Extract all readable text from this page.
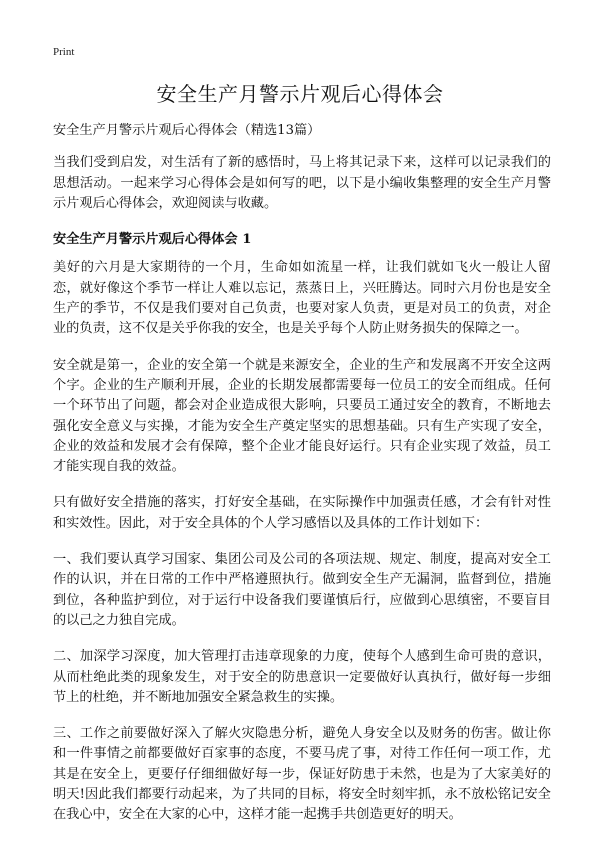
Print
安全生产月警示片观后心得体会

安全生产月警示片观后心得体会（精选13篇）

当我们受到启发，对生活有了新的感悟时，马上将其记录下来，这样可以记录我们的思想活动。一起来学习心得体会是如何写的吧，以下是小编收集整理的安全生产月警示片观后心得体会，欢迎阅读与收藏。

安全生产月警示片观后心得体会 1

美好的六月是大家期待的一个月，生命如如流星一样，让我们就如飞火一般让人留恋，就好像这个季节一样让人难以忘记，蒸蒸日上，兴旺腾达。同时六月份也是安全生产的季节，不仅是我们要对自己负责，也要对家人负责，更是对员工的负责，对企业的负责，这不仅是关乎你我的安全，也是关乎每个人防止财务损失的保障之一。

安全就是第一，企业的安全第一个就是来源安全，企业的生产和发展离不开安全这两个字。企业的生产顺利开展，企业的长期发展都需要每一位员工的安全而组成。任何一个环节出了问题，都会对企业造成很大影响，只要员工通过安全的教育，不断地去强化安全意义与实操，才能为安全生产奠定坚实的思想基础。只有生产实现了安全，企业的效益和发展才会有保障，整个企业才能良好运行。只有企业实现了效益，员工才能实现自我的效益。

只有做好安全措施的落实，打好安全基础，在实际操作中加强责任感，才会有针对性和实效性。因此，对于安全具体的个人学习感悟以及具体的工作计划如下：

一、我们要认真学习国家、集团公司及公司的各项法规、规定、制度，提高对安全工作的认识，并在日常的工作中严格遵照执行。做到安全生产无漏洞，监督到位，措施到位，各种监护到位，对于运行中设备我们要谨慎后行，应做到心思缜密，不要盲目的以己之力独自完成。

二、加深学习深度，加大管理打击违章现象的力度，使每个人感到生命可贵的意识，从而杜绝此类的现象发生，对于安全的防患意识一定要做好认真执行，做好每一步细节上的杜绝，并不断地加强安全紧急救生的实操。

三、工作之前要做好深入了解火灾隐患分析，避免人身安全以及财务的伤害。做让你和一件事情之前都要做好百家事的态度，不要马虎了事，对待工作任何一项工作，尤其是在安全上，更要仔仔细细做好每一步，保证好防患于未然，也是为了大家美好的明天!因此我们都要行动起来，为了共同的目标，将安全时刻牢抓，永不放松铭记安全在我心中，安全在大家的心中，这样才能一起携手共创造更好的明天。
